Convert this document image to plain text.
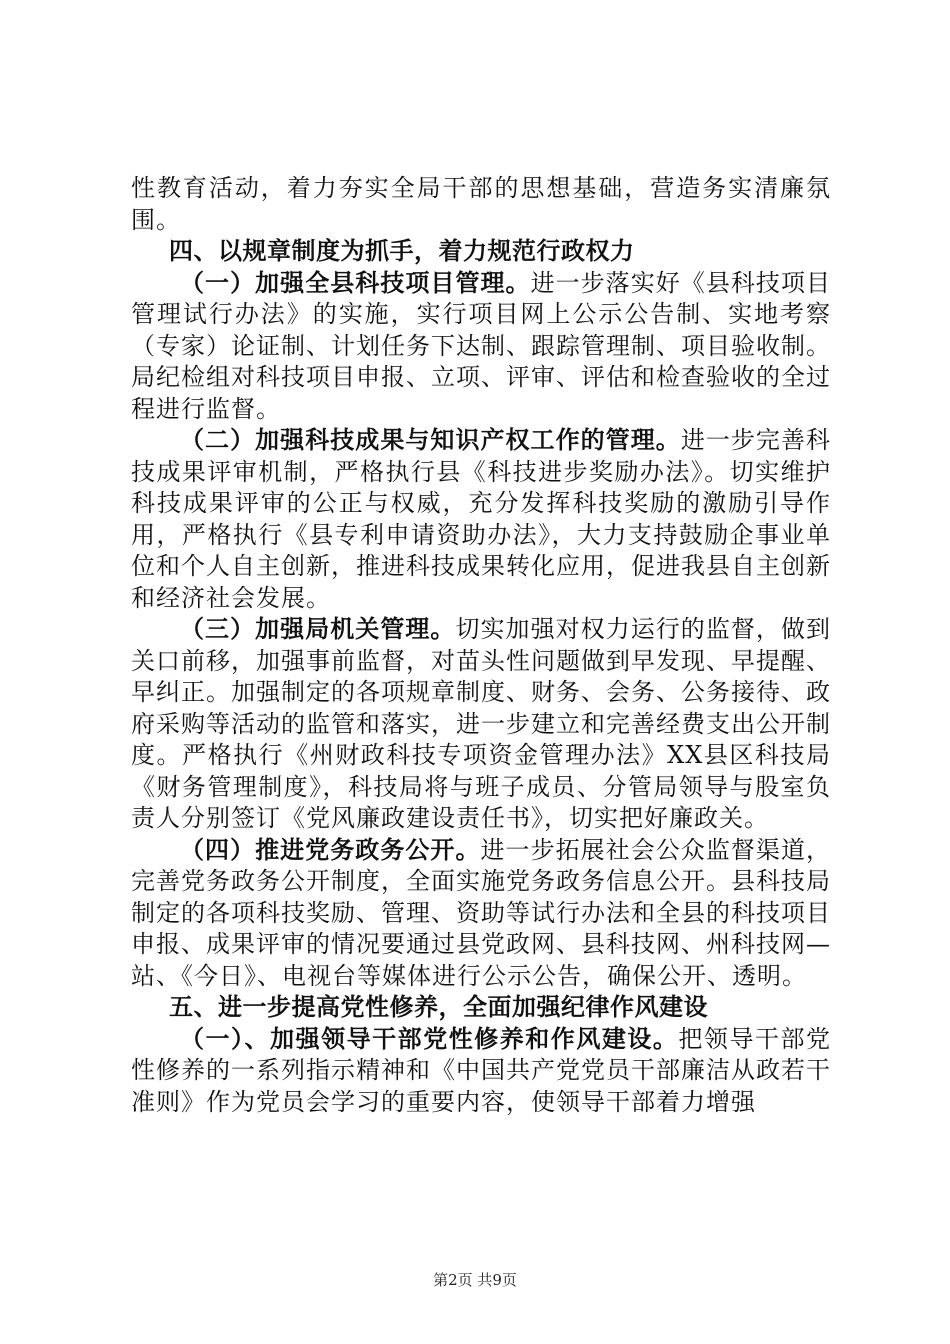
性教育活动，着力夯实全局干部的思想基础，营造务实清廉氛围。

四、以规章制度为抓手，着力规范行政权力

（一）加强全县科技项目管理。进一步落实好《县科技项目管理试行办法》的实施，实行项目网上公示公告制、实地考察（专家）论证制、计划任务下达制、跟踪管理制、项目验收制。局纪检组对科技项目申报、立项、评审、评估和检查验收的全过程进行监督。

（二）加强科技成果与知识产权工作的管理。进一步完善科技成果评审机制，严格执行县《科技进步奖励办法》。切实维护科技成果评审的公正与权威，充分发挥科技奖励的激励引导作用，严格执行《县专利申请资助办法》，大力支持鼓励企事业单位和个人自主创新，推进科技成果转化应用，促进我县自主创新和经济社会发展。

（三）加强局机关管理。切实加强对权力运行的监督，做到关口前移，加强事前监督，对苗头性问题做到早发现、早提醒、早纠正。加强制定的各项规章制度、财务、会务、公务接待、政府采购等活动的监管和落实，进一步建立和完善经费支出公开制度。严格执行《州财政科技专项资金管理办法》XX县区科技局《财务管理制度》，科技局将与班子成员、分管局领导与股室负责人分别签订《党风廉政建设责任书》，切实把好廉政关。

（四）推进党务政务公开。进一步拓展社会公众监督渠道，完善党务政务公开制度，全面实施党务政务信息公开。县科技局制定的各项科技奖励、管理、资助等试行办法和全县的科技项目申报、成果评审的情况要通过县党政网、县科技网、州科技网—站、《今日》、电视台等媒体进行公示公告，确保公开、透明。

五、进一步提高党性修养，全面加强纪律作风建设

（一）、加强领导干部党性修养和作风建设。把领导干部党性修养的一系列指示精神和《中国共产党党员干部廉洁从政若干准则》作为党员会学习的重要内容，使领导干部着力增强

第2页 共9页
